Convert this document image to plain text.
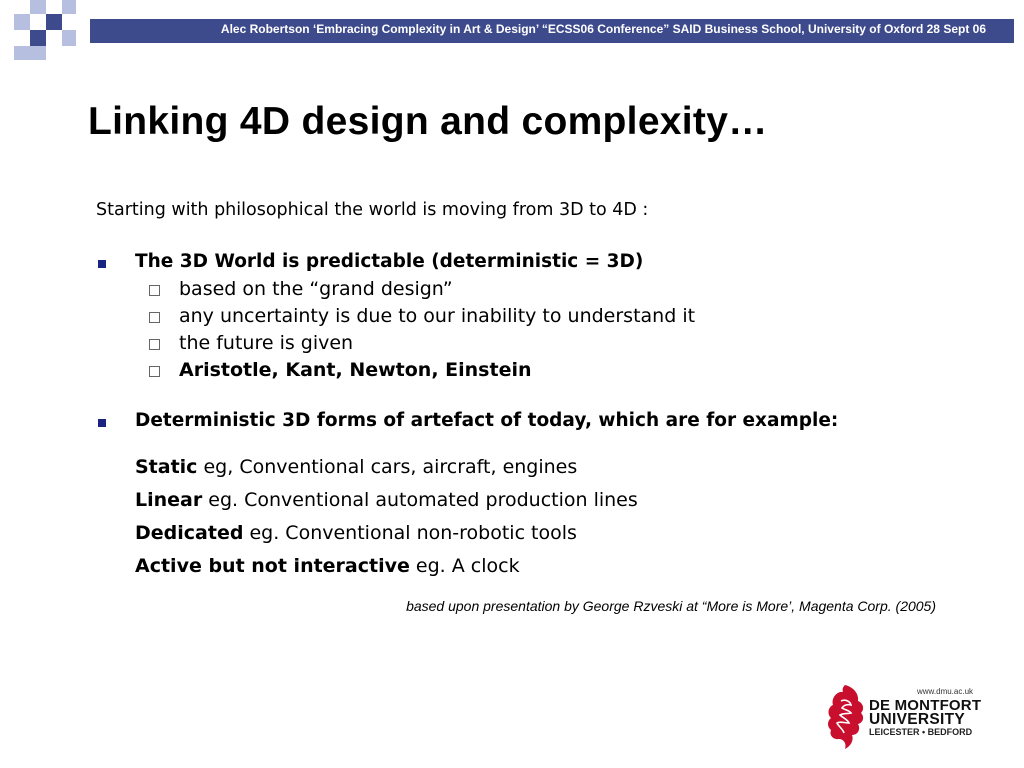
Alec Robertson ‘Embracing Complexity in Art & Design’ “ECSS06 Conference” SAID Business School, University of Oxford 28 Sept 06
Linking 4D design and complexity…
Starting with philosophical the world is moving from 3D to 4D :
The 3D World is predictable (deterministic = 3D)
based on the “grand design”
any uncertainty is due to our inability to understand it
the future is given
Aristotle, Kant, Newton, Einstein
Deterministic 3D forms of artefact of today, which are for example:
Static eg, Conventional cars, aircraft, engines
Linear eg. Conventional automated production lines
Dedicated eg. Conventional non-robotic tools
Active but not interactive eg. A clock
based upon presentation by George Rzveski at “More is More’, Magenta Corp. (2005)
www.dmu.ac.uk
DE MONTFORT
UNIVERSITY
LEICESTER • BEDFORD
